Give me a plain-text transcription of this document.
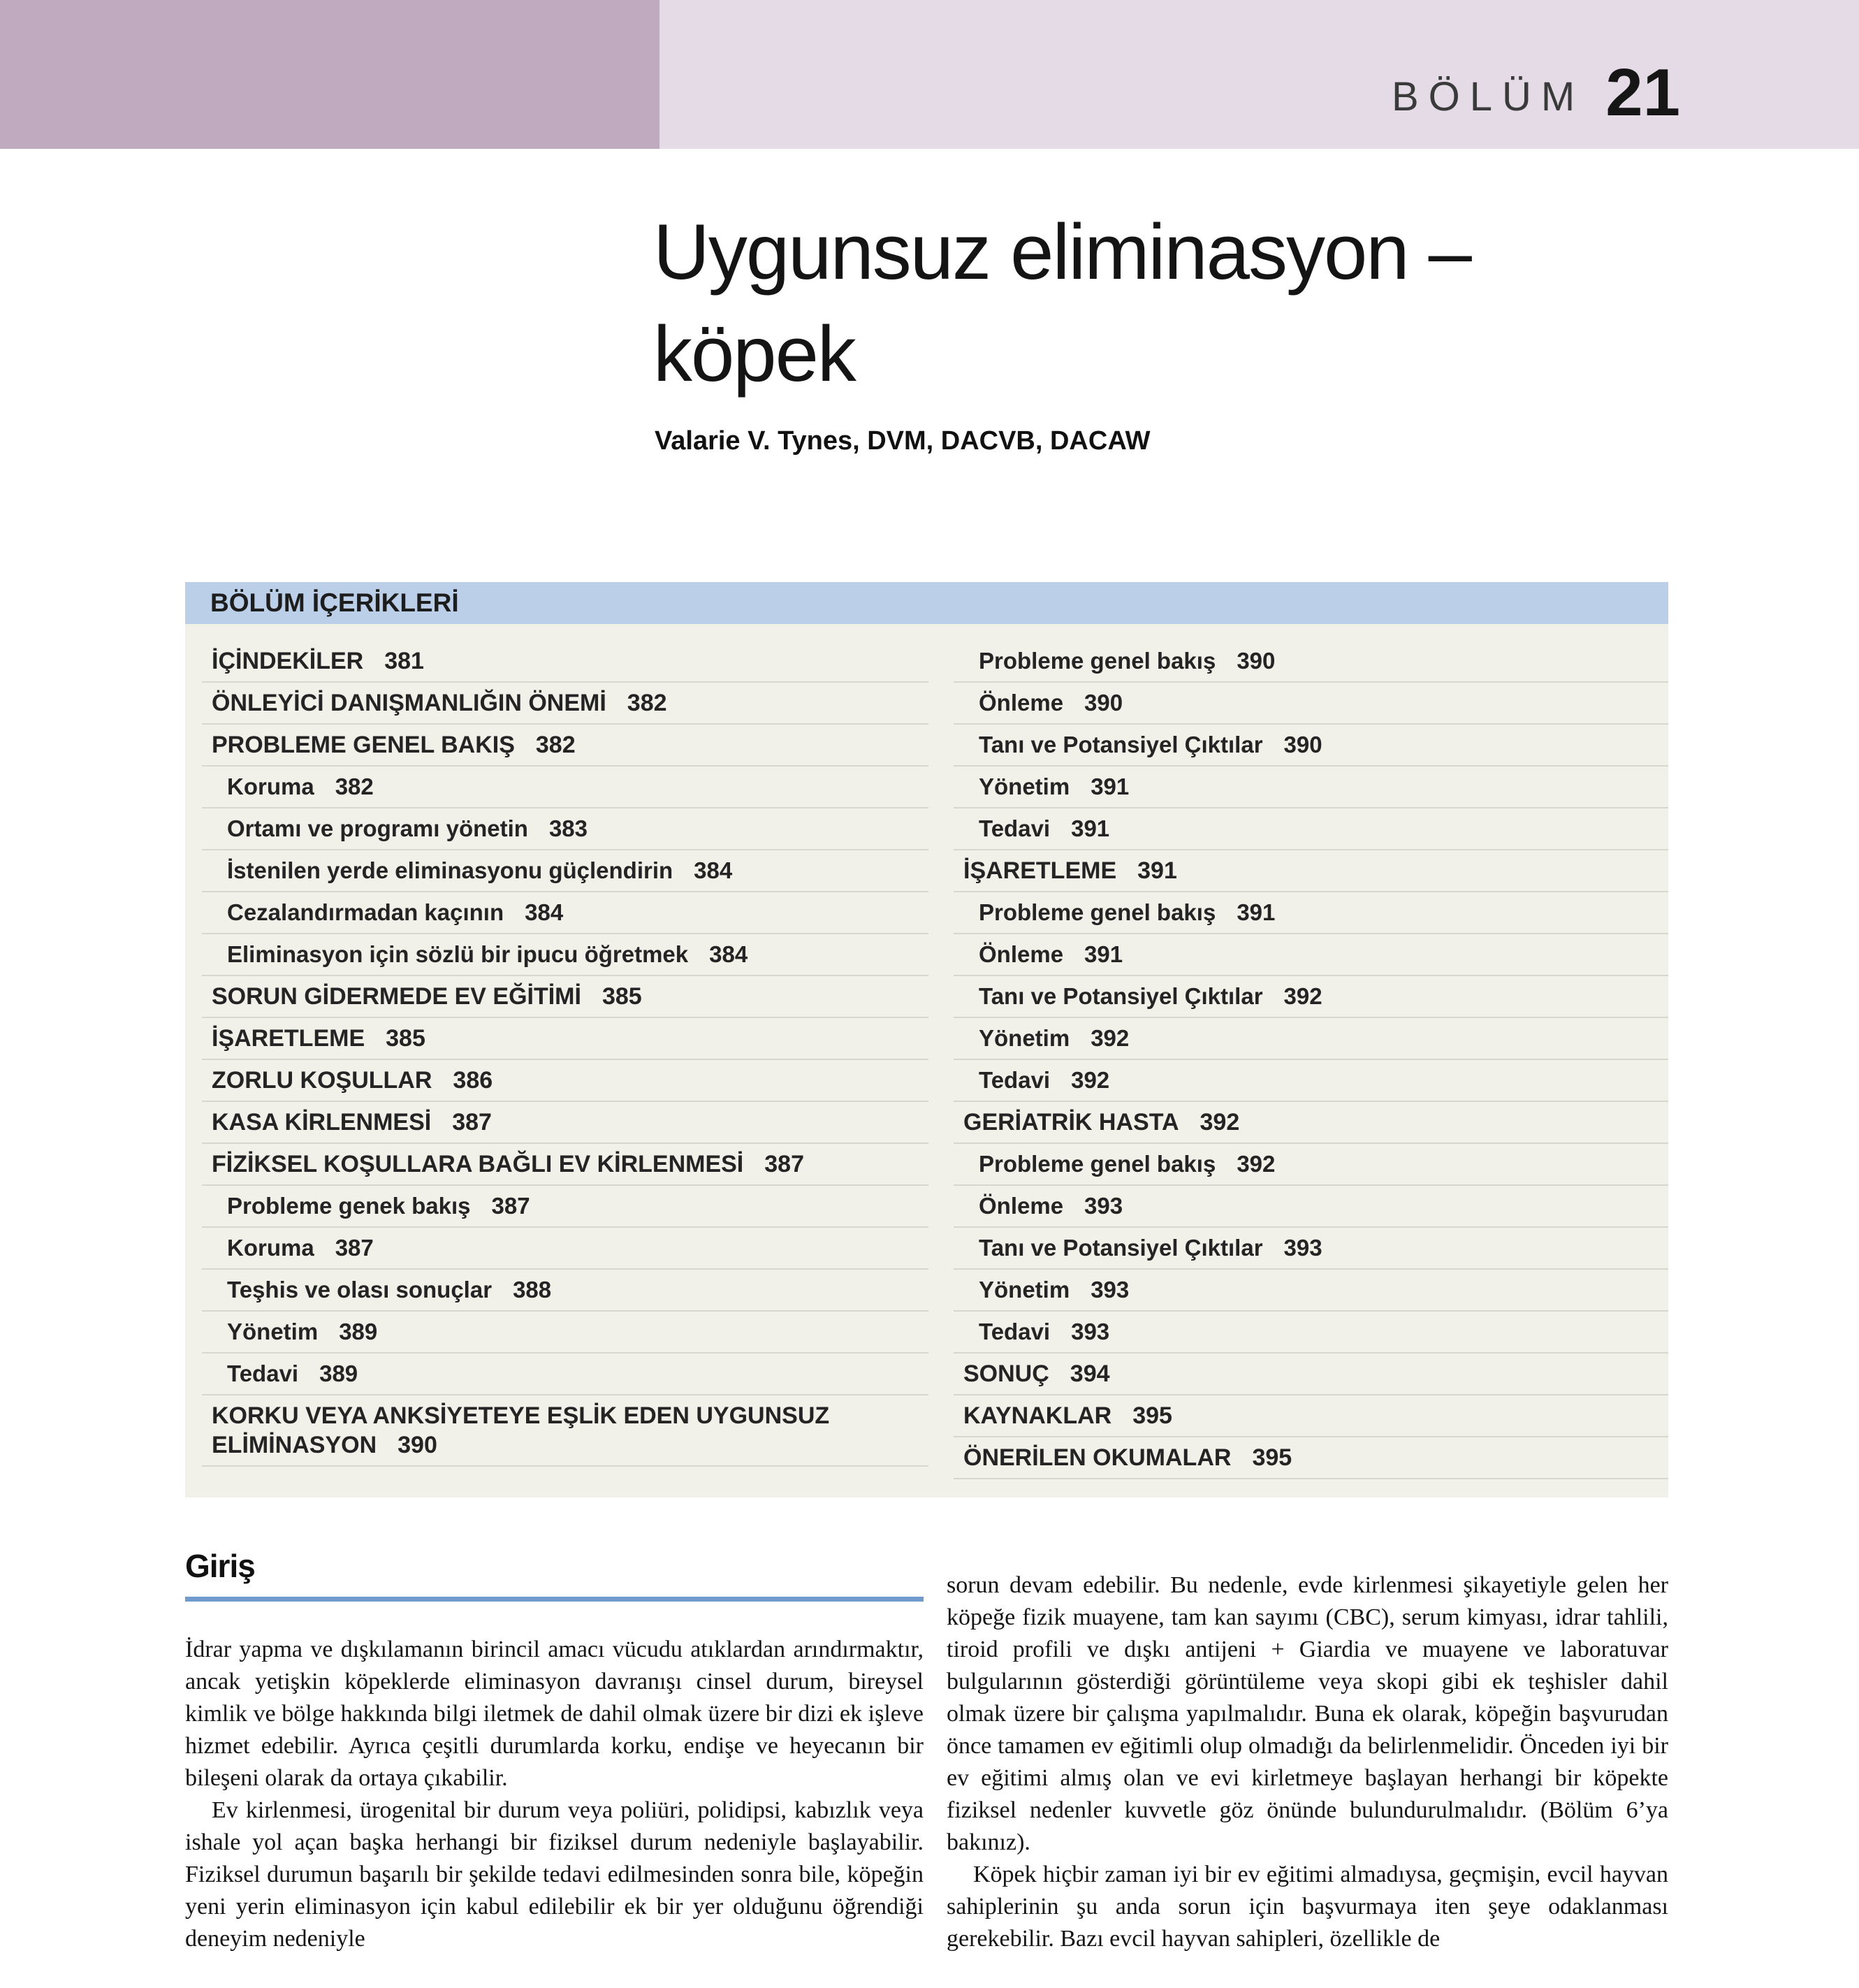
BÖLÜM 21
Uygunsuz eliminasyon –
köpek
Valarie V. Tynes, DVM, DACVB, DACAW
BÖLÜM İÇERİKLERİ
İÇİNDEKİLER 381
ÖNLEYİCİ DANIŞMANLIĞIN ÖNEMİ 382
PROBLEME GENEL BAKIŞ 382
Koruma 382
Ortamı ve programı yönetin 383
İstenilen yerde eliminasyonu güçlendirin 384
Cezalandırmadan kaçının 384
Eliminasyon için sözlü bir ipucu öğretmek 384
SORUN GİDERMEDE EV EĞİTİMİ 385
İŞARETLEME 385
ZORLU KOŞULLAR 386
KASA KİRLENMESİ 387
FİZİKSEL KOŞULLARA BAĞLI EV KİRLENMESİ 387
Probleme genek bakış 387
Koruma 387
Teşhis ve olası sonuçlar 388
Yönetim 389
Tedavi 389
KORKU VEYA ANKSİYETEYE EŞLİK EDEN UYGUNSUZ ELİMİNASYON 390
Probleme genel bakış 390
Önleme 390
Tanı ve Potansiyel Çıktılar 390
Yönetim 391
Tedavi 391
İŞARETLEME 391
Probleme genel bakış 391
Önleme 391
Tanı ve Potansiyel Çıktılar 392
Yönetim 392
Tedavi 392
GERİATRİK HASTA 392
Probleme genel bakış 392
Önleme 393
Tanı ve Potansiyel Çıktılar 393
Yönetim 393
Tedavi 393
SONUÇ 394
KAYNAKLAR 395
ÖNERİLEN OKUMALAR 395
Giriş

İdrar yapma ve dışkılamanın birincil amacı vücudu atıklardan arındırmaktır, ancak yetişkin köpeklerde eliminasyon davranışı cinsel durum, bireysel kimlik ve bölge hakkında bilgi iletmek de dahil olmak üzere bir dizi ek işleve hizmet edebilir. Ayrıca çeşitli durumlarda korku, endişe ve heyecanın bir bileşeni olarak da ortaya çıkabilir.

Ev kirlenmesi, ürogenital bir durum veya poliüri, polidipsi, kabızlık veya ishale yol açan başka herhangi bir fiziksel durum nedeniyle başlayabilir. Fiziksel durumun başarılı bir şekilde tedavi edilmesinden sonra bile, köpeğin yeni yerin eliminasyon için kabul edilebilir ek bir yer olduğunu öğrendiği deneyim nedeniyle

sorun devam edebilir. Bu nedenle, evde kirlenmesi şikayetiyle gelen her köpeğe fizik muayene, tam kan sayımı (CBC), serum kimyası, idrar tahlili, tiroid profili ve dışkı antijeni + Giardia ve muayene ve laboratuvar bulgularının gösterdiği görüntüleme veya skopi gibi ek teşhisler dahil olmak üzere bir çalışma yapılmalıdır. Buna ek olarak, köpeğin başvurudan önce tamamen ev eğitimli olup olmadığı da belirlenmelidir. Önceden iyi bir ev eğitimi almış olan ve evi kirletmeye başlayan herhangi bir köpekte fiziksel nedenler kuvvetle göz önünde bulundurulmalıdır. (Bölüm 6’ya bakınız).

Köpek hiçbir zaman iyi bir ev eğitimi almadıysa, geçmişin, evcil hayvan sahiplerinin şu anda sorun için başvurmaya iten şeye odaklanması gerekebilir. Bazı evcil hayvan sahipleri, özellikle de
